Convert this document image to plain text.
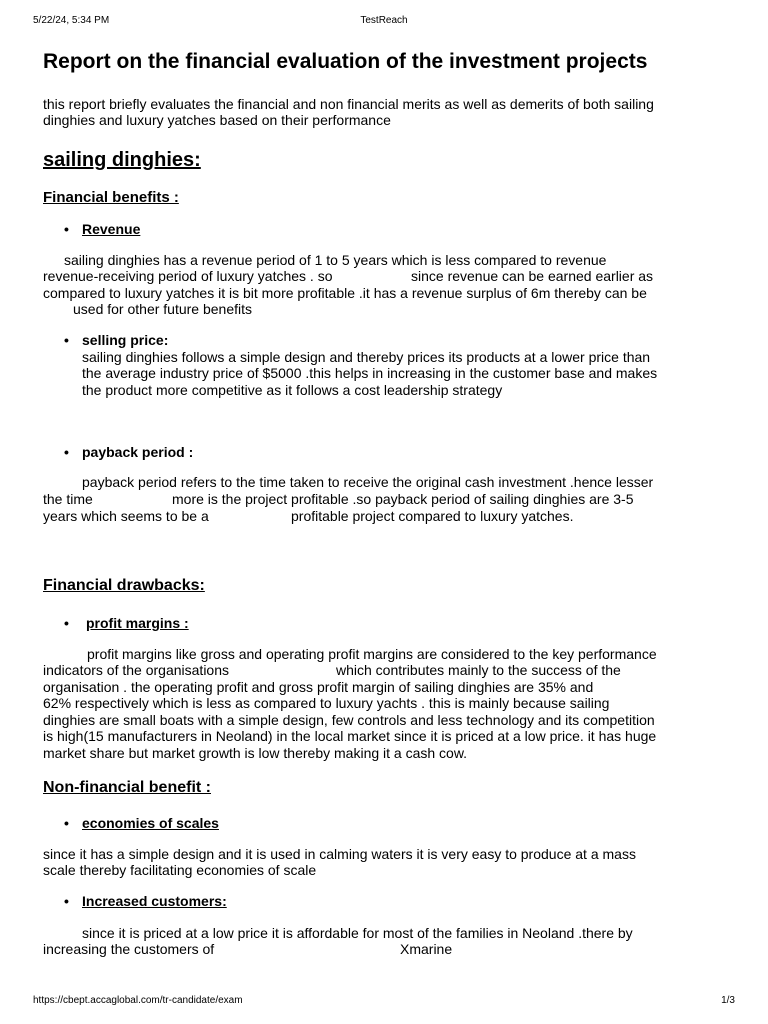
5/22/24, 5:34 PM	TestReach
https://cbept.accaglobal.com/tr-candidate/exam	1/3
Report on the financial evaluation of the investment projects
this report briefly evaluates the financial and non financial merits as well as demerits of both sailing
dinghies and luxury yatches based on their performance
sailing dinghies:
Financial benefits :
• Revenue
sailing dinghies has a revenue period of 1 to 5 years which is less compared to revenue
revenue-receiving period of luxury yatches . so	since revenue can be earned earlier as
compared to luxury yatches it is bit more profitable .it has a revenue surplus of 6m thereby can be
used for other future benefits
• selling price:
sailing dinghies follows a simple design and thereby prices its products at a lower price than
the average industry price of $5000 .this helps in increasing in the customer base and makes
the product more competitive as it follows a cost leadership strategy
• payback period :
payback period refers to the time taken to receive the original cash investment .hence lesser
the time	more is the project profitable .so payback period of sailing dinghies are 3-5
years which seems to be a	profitable project compared to luxury yatches.
Financial drawbacks:
• profit margins :
profit margins like gross and operating profit margins are considered to the key performance
indicators of the organisations	which contributes mainly to the success of the
organisation . the operating profit and gross profit margin of sailing dinghies are 35% and
62% respectively which is less as compared to luxury yachts . this is mainly because sailing
dinghies are small boats with a simple design, few controls and less technology and its competition
is high(15 manufacturers in Neoland) in the local market since it is priced at a low price. it has huge
market share but market growth is low thereby making it a cash cow.
Non-financial benefit :
• economies of scales
since it has a simple design and it is used in calming waters it is very easy to produce at a mass
scale thereby facilitating economies of scale
• Increased customers:
since it is priced at a low price it is affordable for most of the families in Neoland .there by
increasing the customers of	Xmarine
